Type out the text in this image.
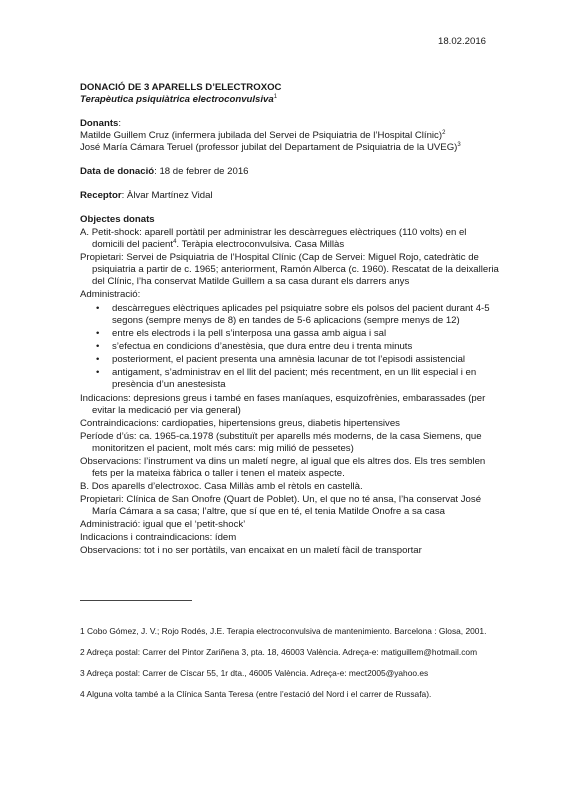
18.02.2016
DONACIÓ DE 3 APARELLS D’ELECTROXOC
Terapèutica psiquiàtrica electroconvulsiva$^1$
Donants:
Matilde Guillem Cruz (infermera jubilada del Servei de Psiquiatria de l’Hospital Clínic)$^2$
José María Cámara Teruel (professor jubilat del Departament de Psiquiatria de la UVEG)$^3$
Data de donació: 18 de febrer de 2016
Receptor: Àlvar Martínez Vidal
Objectes donats
A. Petit-shock: aparell portàtil per administrar les descàrregues elèctriques (110 volts) en el domicili del pacient$^4$. Teràpia electroconvulsiva. Casa Millàs
Propietari: Servei de Psiquiatria de l’Hospital Clínic (Cap de Servei: Miguel Rojo, catedràtic de psiquiatria a partir de c. 1965; anteriorment, Ramón Alberca (c. 1960). Rescatat de la deixalleria del Clínic, l’ha conservat Matilde Guillem a sa casa durant els darrers anys
Administració:
• descàrregues elèctriques aplicades pel psiquiatre sobre els polsos del pacient durant 4-5 segons (sempre menys de 8) en tandes de 5-6 aplicacions (sempre menys de 12)
• entre els electrods i la pell s’interposa una gassa amb aigua i sal
• s’efectua en condicions d’anestèsia, que dura entre deu i trenta minuts
• posteriorment, el pacient presenta una amnèsia lacunar de tot l’episodi assistencial
• antigament, s’administrav en el llit del pacient; més recentment, en un llit especial i en presència d’un anestesista
Indicacions: depresions greus i també en fases maníaques, esquizofrènies, embarassades (per evitar la medicació per via general)
Contraindicacions: cardiopaties, hipertensions greus, diabetis hipertensives
Període d’ús: ca. 1965-ca.1978 (substituït per aparells més moderns, de la casa Siemens, que monitoritzen el pacient, molt més cars: mig milió de pessetes)
Observacions: l’instrument va dins un maletí negre, al igual que els altres dos. Els tres semblen fets per la mateixa fàbrica o taller i tenen el mateix aspecte.
B. Dos aparells d’electroxoc. Casa Millàs amb el rètols en castellà.
Propietari: Clínica de San Onofre (Quart de Poblet). Un, el que no té ansa, l’ha conservat José María Cámara a sa casa; l’altre, que sí que en té, el tenia Matilde Onofre a sa casa
Administració: igual que el ‘petit-shock’
Indicacions i contraindicacions: ídem
Observacions: tot i no ser portàtils, van encaixat en un maletí fàcil de transportar

1 Cobo Gómez, J. V.; Rojo Rodés, J.E. Terapia electroconvulsiva de mantenimiento. Barcelona : Glosa, 2001.

2 Adreça postal: Carrer del Pintor Zariñena 3, pta. 18, 46003 València. Adreça-e: matiguillem@hotmail.com

3 Adreça postal: Carrer de Císcar 55, 1r dta., 46005 València. Adreça-e: mect2005@yahoo.es

4 Alguna volta també a la Clínica Santa Teresa (entre l’estació del Nord i el carrer de Russafa).
